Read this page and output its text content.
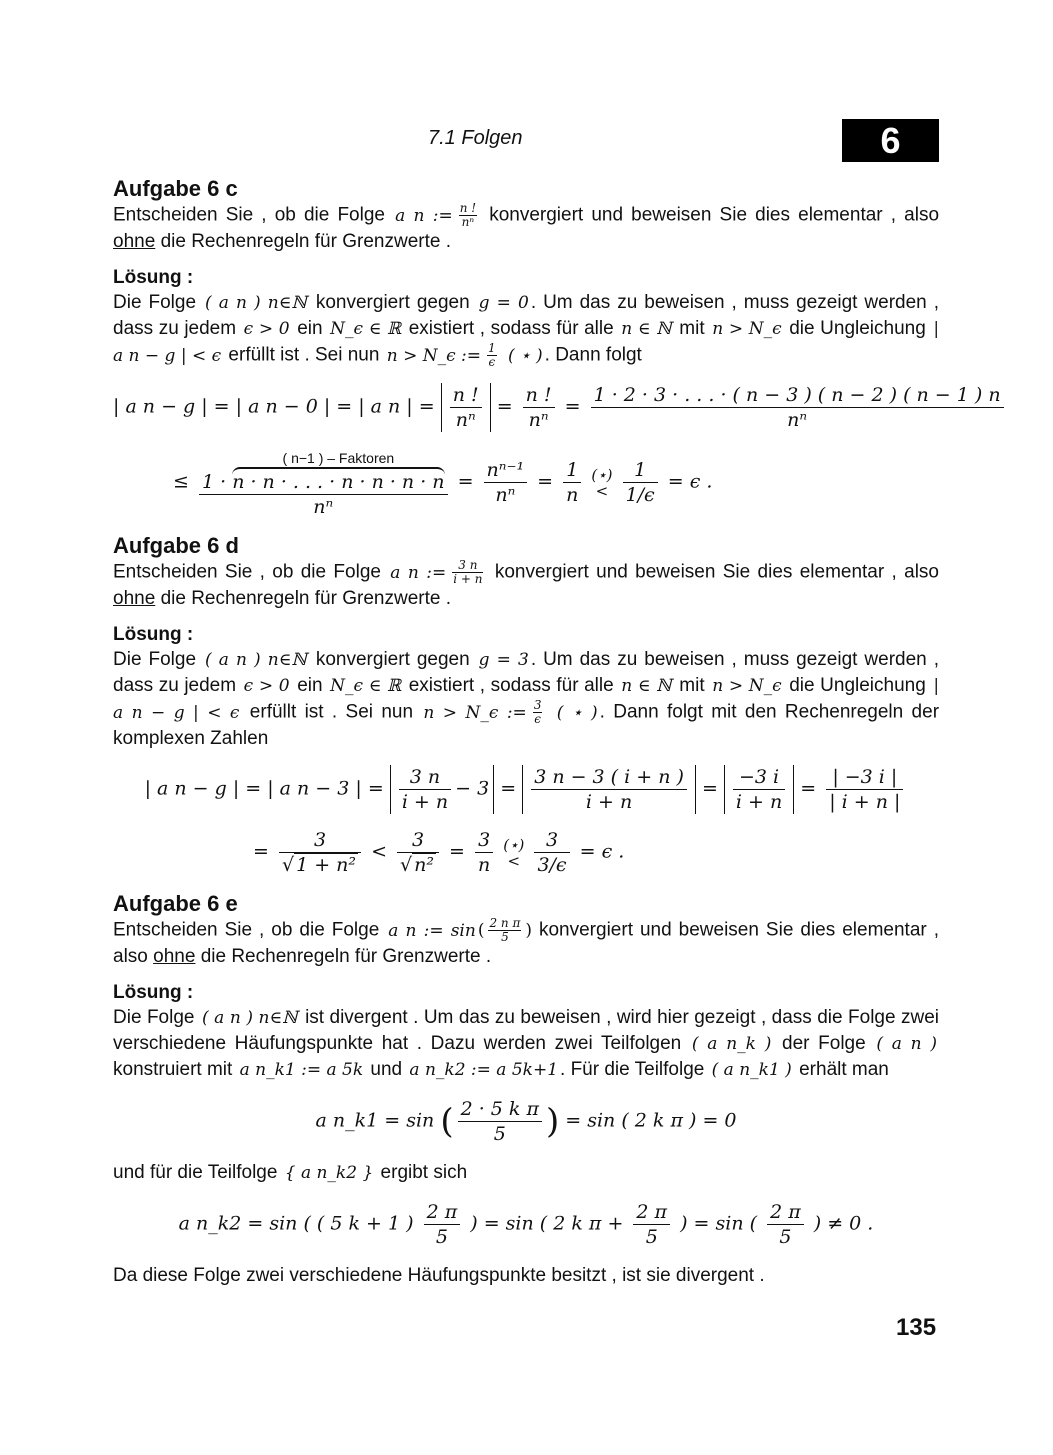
7.1 Folgen	6
Aufgabe 6 c

Entscheiden Sie , ob die Folge a n := $\frac{n !}{\text{nⁿ}}$ konvergiert und beweisen Sie dies elementar , also ohne die Rechenregeln für Grenzwerte .

Lösung :

Die Folge ( a n ) n∈ℕ konvergiert gegen g = 0 . Um das zu beweisen , muss gezeigt werden , dass zu jedem ϵ > 0 ein N_ϵ ∈ ℝ existiert , sodass für alle n ∈ ℕ mit n > N_ϵ die Ungleichung | a n − g | < ϵ erfüllt ist . Sei nun n > N_ϵ := $\frac{1}{\epsilon}$ ( ⋆ ) . Dann folgt

| a n − g | = | a n − 0 | = | a n | = $\frac{n !}{\text{nⁿ}} = \frac{n !}{\text{nⁿ}} = \frac{1 \cdot 2 \cdot 3 \cdot . . . \cdot ( n - 3 ) ( n - 2 ) ( n - 1 ) n}{\text{nⁿ}}$
≤ 1 ·
( n−1 ) – Faktoren
n · n · . . . · n · n · n · n
$n^n = \frac{\text{nⁿ⁻¹}}{\text{nⁿ}} = \frac{1}{n}$
(⋆)
<
$\frac{1}{1/\epsilon} = \epsilon$ .
Aufgabe 6 d

Entscheiden Sie , ob die Folge a n := $\frac{3 n}{i + n}$ konvergiert und beweisen Sie dies elementar , also ohne die Rechenregeln für Grenzwerte .

Lösung :

Die Folge ( a n ) n∈ℕ konvergiert gegen g = 3 . Um das zu beweisen , muss gezeigt werden , dass zu jedem ϵ > 0 ein N_ϵ ∈ ℝ existiert , sodass für alle n ∈ ℕ mit n > N_ϵ die Ungleichung | a n − g | < ϵ erfüllt ist . Sei nun n > N_ϵ := $\frac{3}{\epsilon}$ ( ⋆ ) . Dann folgt mit den Rechenregeln der komplexen Zahlen

| a n − g | = | a n − 3 | = $\frac{3 n}{i + n} - 3 = \frac{3 n - 3 ( i + n )}{i + n} = \frac{-3 i}{i + n} = \frac{| -3 i |}{| i + n |}$
= $\frac{3}{\text{√ 1 + n²}} < \frac{3}{\text{√ n²}} = \frac{3}{n}$
(⋆)
<
$\frac{3}{3/\epsilon} = \epsilon$ .
Aufgabe 6 e

Entscheiden Sie , ob die Folge a n := sin ( $\frac{\text{2 n π}}{5}$ ) konvergiert und beweisen Sie dies elementar , also ohne die Rechenregeln für Grenzwerte .

Lösung :

Die Folge ( a n ) n∈ℕ ist divergent . Um das zu beweisen , wird hier gezeigt , dass die Folge zwei verschiedene Häufungspunkte hat . Dazu werden zwei Teilfolgen ( a n_k ) der Folge ( a n ) konstruiert mit a n_k1 := a 5k und a n_k2 := a 5k+1 . Für die Teilfolge ( a n_k1 ) erhält man

a n_k1 = sin ( $\frac{\text{2 · 5 k π}}{5}$ ) = sin ( 2 k π ) = 0

und für die Teilfolge { a n_k2 } ergibt sich

a n_k2 = sin ( ( 5 k + 1 ) $\frac{2 \pi}{5}$ ) = sin ( 2 k $\pi + \frac{2 \pi}{5}$ ) = sin ( $\frac{2 \pi}{5}$ ) ≠ 0 .

Da diese Folge zwei verschiedene Häufungspunkte besitzt , ist sie divergent .

135
